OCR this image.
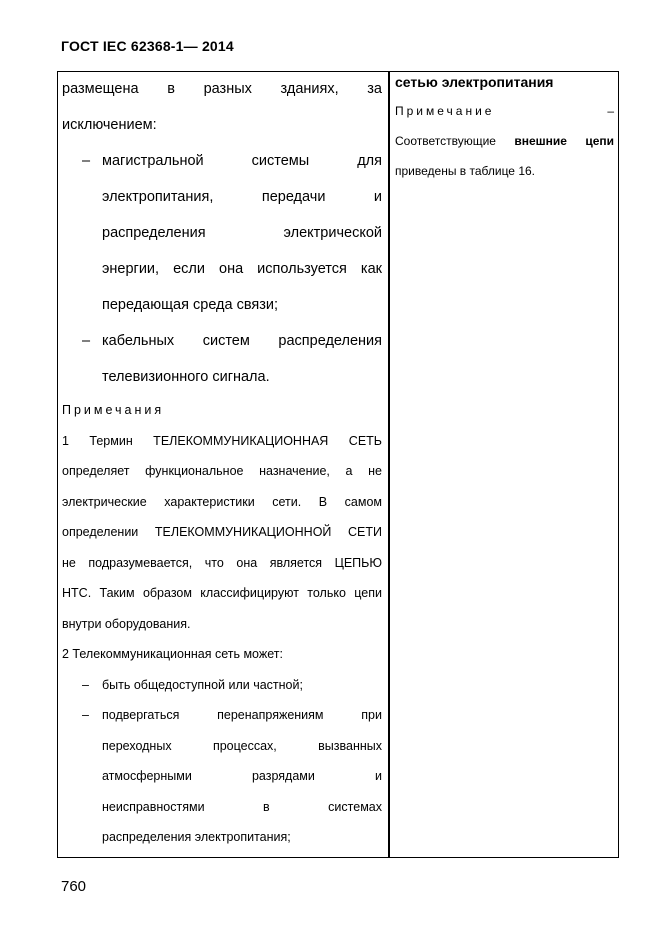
ГОСТ IEC 62368-1— 2014
размещена в разных зданиях, за
исключением:
– магистральной системы для
электропитания, передачи и
распределения электрической
энергии, если она используется как
передающая среда связи;
– кабельных систем распределения
телевизионного сигнала.
Примечания
1 Термин ТЕЛЕКОММУНИКАЦИОННАЯ СЕТЬ
определяет функциональное назначение, а не
электрические характеристики сети. В самом
определении ТЕЛЕКОММУНИКАЦИОННОЙ СЕТИ
не подразумевается, что она является ЦЕПЬЮ
НТС. Таким образом классифицируют только цепи
внутри оборудования.
2 Телекоммуникационная сеть может:
– быть общедоступной или частной;
– подвергаться перенапряжениям при
переходных процессах, вызванных
атмосферными разрядами и
неисправностями в системах
распределения электропитания;
сетью электропитания
Примечание	–
Соответствующие внешние цепи
приведены в таблице 16.
760
